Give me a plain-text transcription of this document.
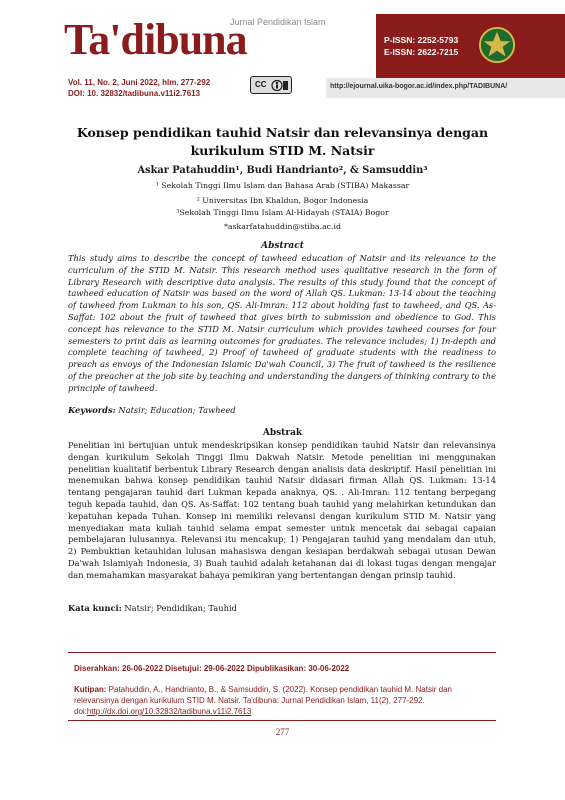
Ta'dibuna
Jurnal Pendidikan Islam
P-ISSN: 2252-5793
E-ISSN: 2622-7215
Vol. 11, No. 2, Juni 2022, hlm. 277-292
DOI: 10. 32832/tadibuna.v11i2.7613
CC	http://ejournal.uika-bogor.ac.id/index.php/TADIBUNA/
Konsep pendidikan tauhid Natsir dan relevansinya dengan kurikulum STID M. Natsir
Askar Patahuddin¹, Budi Handrianto², & Samsuddin³
¹ Sekolah Tinggi Ilmu Islam dan Bahasa Arab (STIBA) Makassar
² Universitas Ibn Khaldun, Bogor Indonesia
³Sekolah Tinggi Ilmu Islam Al-Hidayah (STAIA) Bogor
*askarfatahuddin@stiba.ac.id
Abstract
This study aims to describe the concept of tawheed education of Natsir and its relevance to the curriculum of the STID M. Natsir. This research method uses qualitative research in the form of Library Research with descriptive data analysis. The results of this study found that the concept of tawheed education of Natsir was based on the word of Allah QS. Lukman: 13-14 about the teaching of tawheed from Lukman to his son, QS. Ali-Imran: 112 about holding fast to tawheed, and QS. As-Saffat: 102 about the fruit of tawheed that gives birth to submission and obedience to God. This concept has relevance to the STID M. Natsir curriculum which provides tawheed courses for four semesters to print dais as learning outcomes for graduates. The relevance includes; 1) In-depth and complete teaching of tawheed, 2) Proof of tawheed of graduate students with the readiness to preach as envoys of the Indonesian Islamic Da'wah Council, 3) The fruit of tawheed is the resilience of the preacher at the job site by teaching and understanding the dangers of thinking contrary to the principle of tawheed.
Keywords: Natsir; Education; Tawheed
Abstrak
Penelitian ini bertujuan untuk mendeskripsikan konsep pendidikan tauhid Natsir dan relevansinya dengan kurikulum Sekolah Tinggi Ilmu Dakwah Natsir. Metode penelitian ini menggunakan penelitian kualitatif berbentuk Library Research dengan analisis data deskriptif. Hasil penelitian ini menemukan bahwa konsep pendidikan tauhid Natsir didasari firman Allah QS. Lukman: 13-14 tentang pengajaran tauhid dari Lukman kepada anaknya, QS. . Ali-Imran: 112 tentang berpegang teguh kepada tauhid, dan QS. As-Saffat: 102 tentang buah tauhid yang melahirkan ketundukan dan kepatuhan kepada Tuhan. Konsep ini memiliki relevansi dengan kurikulum STID M. Natsir yang menyediakan mata kuliah tauhid selama empat semester untuk mencetak dai sebagai capaian pembelajaran lulusannya. Relevansi itu mencakup; 1) Pengajaran tauhid yang mendalam dan utuh, 2) Pembuktian ketauhidan lulusan mahasiswa dengan kesiapan berdakwah sebagai utusan Dewan Da'wah Islamiyah Indonesia, 3) Buah tauhid adalah ketahanan dai di lokasi tugas dengan mengajar dan memahamkan masyarakat bahaya pemikiran yang bertentangan dengan prinsip tauhid.
Kata kunci: Natsir; Pendidikan; Tauhid
Diserahkan: 26-06-2022 Disetujui: 29-06-2022 Dipublikasikan: 30-06-2022
Kutipan: Patahuddin, A., Handrianto, B., & Samsuddin, S. (2022). Konsep pendidikan tauhid M. Natsir dan relevansinya dengan kurikulum STID M. Natsir. Ta'dibuna: Jurnal Pendidikan Islam, 11(2), 277-292. doi:http://dx.doi.org/10.32832/tadibuna.v11i2.7613
277
